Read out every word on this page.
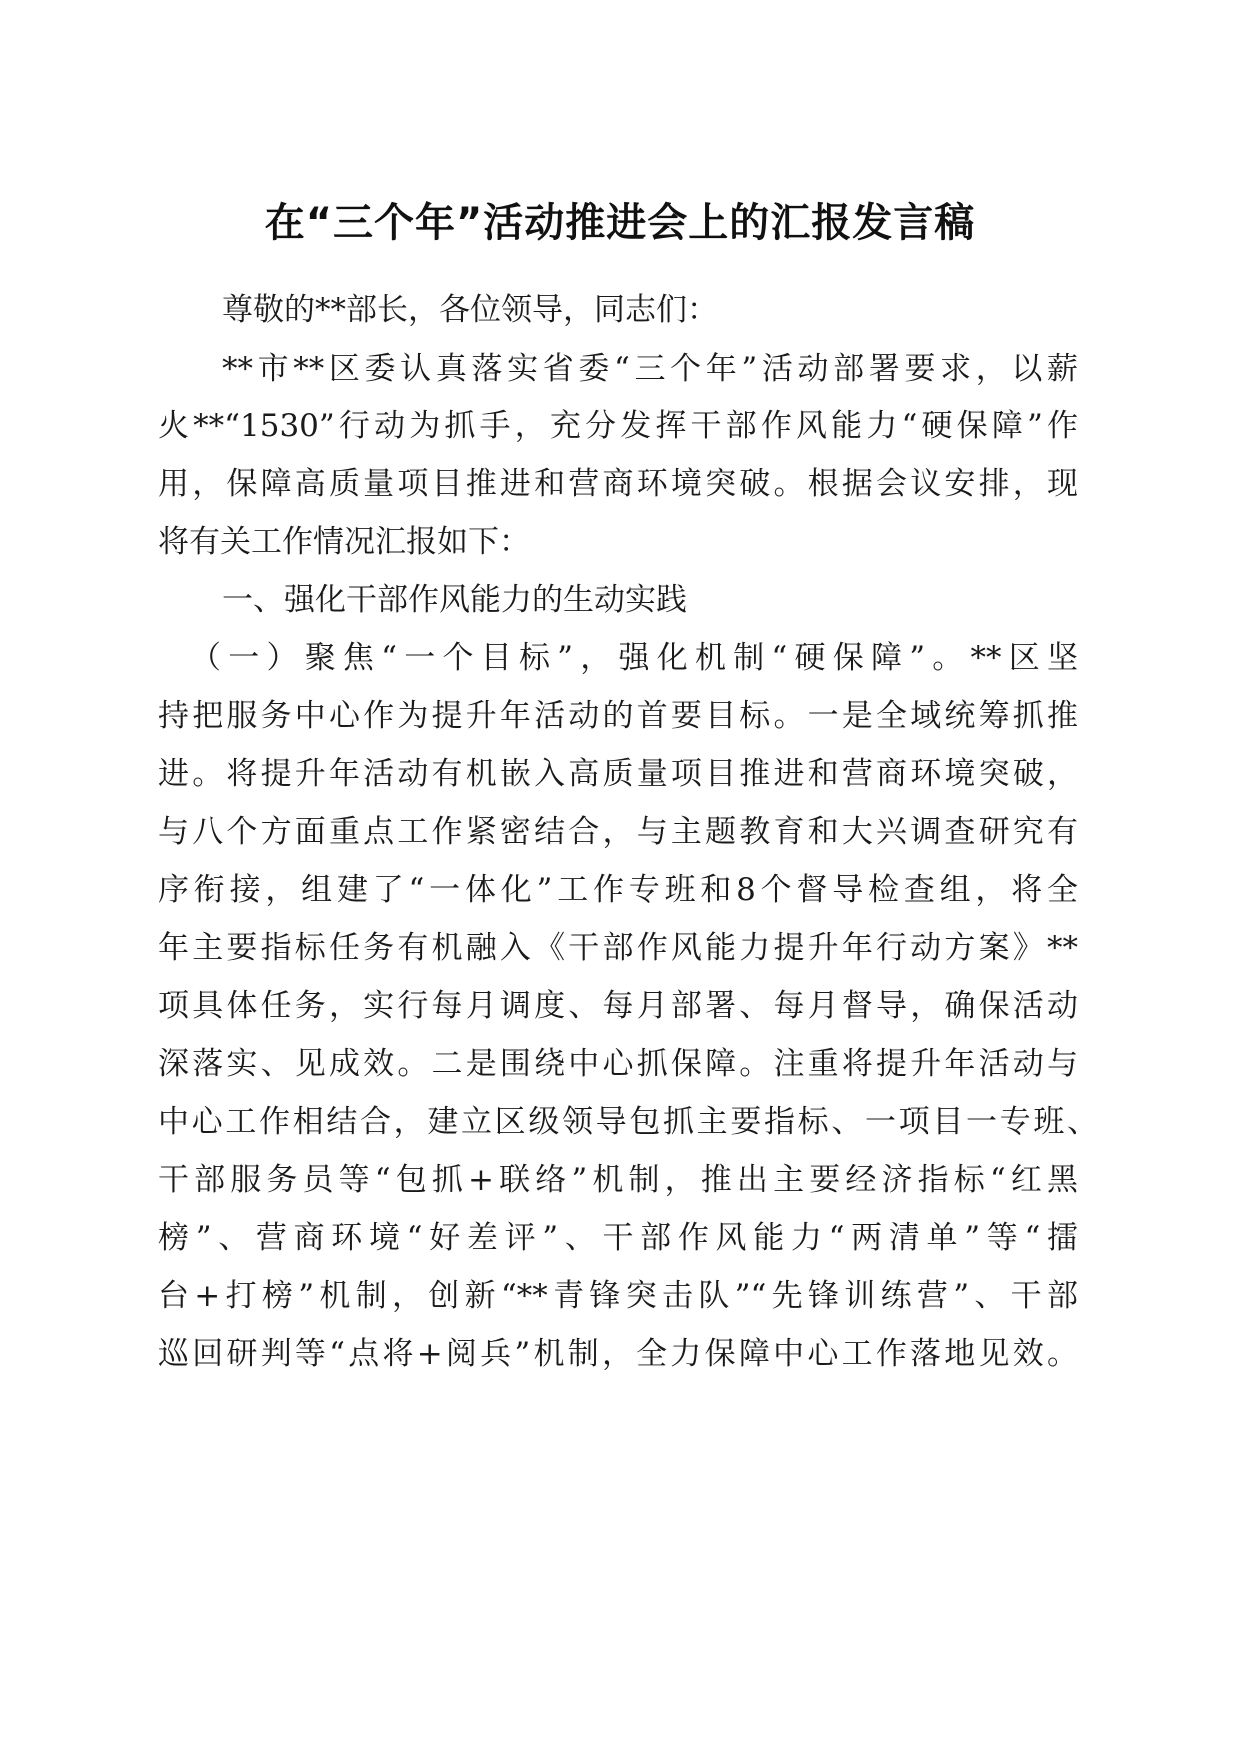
在“三个年”活动推进会上的汇报发言稿
尊敬的**部长，各位领导，同志们：
**市**区委认真落实省委“三个年”活动部署要求，以薪
火**“1530”行动为抓手，充分发挥干部作风能力“硬保障”作
用，保障高质量项目推进和营商环境突破。根据会议安排，现
将有关工作情况汇报如下：
一、强化干部作风能力的生动实践
（一）聚焦“一个目标”，强化机制“硬保障”。**区坚
持把服务中心作为提升年活动的首要目标。一是全域统筹抓推
进。将提升年活动有机嵌入高质量项目推进和营商环境突破，
与八个方面重点工作紧密结合，与主题教育和大兴调查研究有
序衔接，组建了“一体化”工作专班和8个督导检查组，将全
年主要指标任务有机融入《干部作风能力提升年行动方案》**
项具体任务，实行每月调度、每月部署、每月督导，确保活动
深落实、见成效。二是围绕中心抓保障。注重将提升年活动与
中心工作相结合，建立区级领导包抓主要指标、一项目一专班、
干部服务员等“包抓+联络”机制，推出主要经济指标“红黑
榜”、营商环境“好差评”、干部作风能力“两清单”等“擂
台+打榜”机制，创新“**青锋突击队”“先锋训练营”、干部
巡回研判等“点将+阅兵”机制，全力保障中心工作落地见效。
